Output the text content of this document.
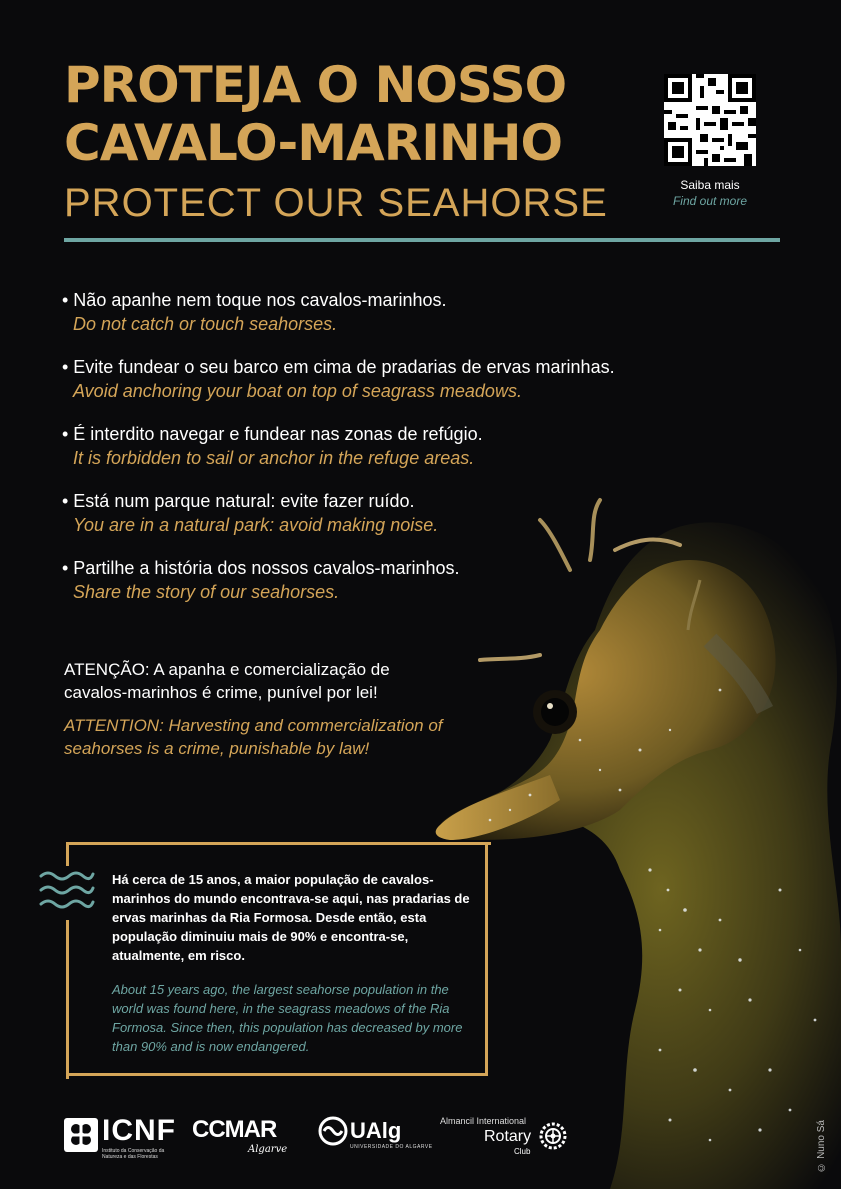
PROTEJA O NOSSO
CAVALO-MARINHO
PROTECT OUR SEAHORSE	Saiba mais
Find out more
• Não apanhe nem toque nos cavalos-marinhos.
Do not catch or touch seahorses.
• Evite fundear o seu barco em cima de pradarias de ervas marinhas.
Avoid anchoring your boat on top of seagrass meadows.
• É interdito navegar e fundear nas zonas de refúgio.
It is forbidden to sail or anchor in the refuge areas.
• Está num parque natural: evite fazer ruído.
You are in a natural park: avoid making noise.
• Partilhe a história dos nossos cavalos-marinhos.
Share the story of our seahorses.
ATENÇÃO: A apanha e comercialização de cavalos-marinhos é crime, punível por lei!
ATTENTION: Harvesting and commercialization of seahorses is a crime, punishable by law!
Há cerca de 15 anos, a maior população de cavalos-marinhos do mundo encontrava-se aqui, nas pradarias de ervas marinhas da Ria Formosa. Desde então, esta população diminuiu mais de 90% e encontra-se, atualmente, em risco.
About 15 years ago, the largest seahorse population in the world was found here, in the seagrass meadows of the Ria Formosa. Since then, this population has decreased by more than 90% and is now endangered.
ICNF
Instituto da Conservação da Natureza e das Florestas
CCMAR
Algarve
UAlg
UNIVERSIDADE DO ALGARVE
Almancil International
Rotary
Club	© Nuno Sá
